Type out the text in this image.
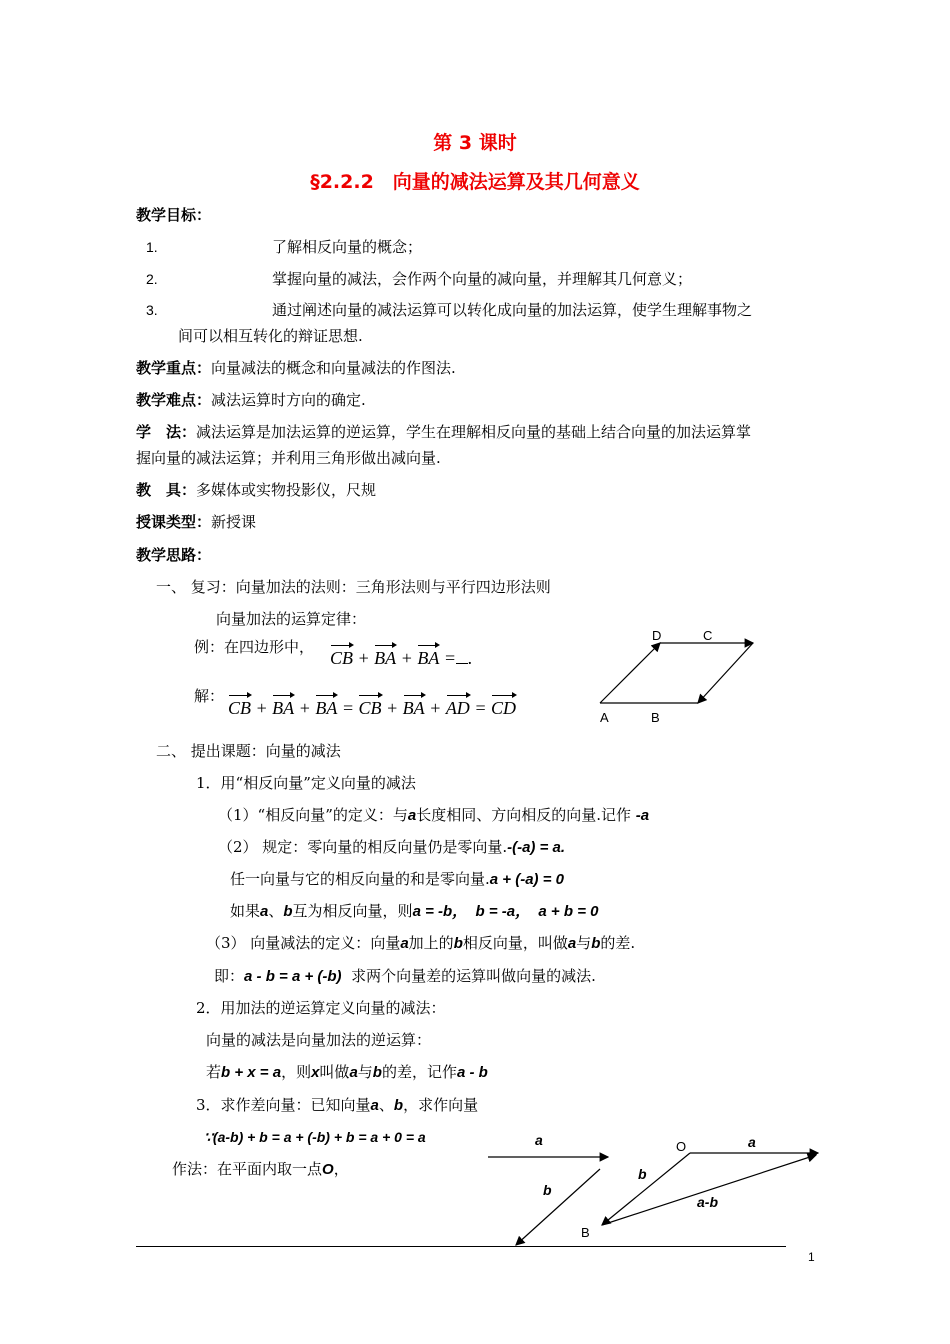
第 3 课时
§2.2.2　向量的减法运算及其几何意义
教学目标：
1.	了解相反向量的概念；
2.	掌握向量的减法，会作两个向量的减向量，并理解其几何意义；
3.	通过阐述向量的减法运算可以转化成向量的加法运算，使学生理解事物之
间可以相互转化的辩证思想.
教学重点：向量减法的概念和向量减法的作图法.
教学难点：减法运算时方向的确定.
学　法：减法运算是加法运算的逆运算，学生在理解相反向量的基础上结合向量的加法运算掌
握向量的减法运算；并利用三角形做出减向量.
教　具：多媒体或实物投影仪，尺规
授课类型：新授课
教学思路：
一、 复习：向量加法的法则：三角形法则与平行四边形法则
向量加法的运算定律：
例：在四边形中，
CB + BA + BA = .
解：
CB + BA + BA = CB + BA + AD = CD
D	C
A	B
二、 提出课题：向量的减法
1．用“相反向量”定义向量的减法
（1）“相反向量”的定义：与a长度相同、方向相反的向量.记作 -a
（2） 规定：零向量的相反向量仍是零向量.-(-a) = a.
任一向量与它的相反向量的和是零向量.a + (-a) = 0
如果a、b互为相反向量，则a = -b，  b = -a，  a + b = 0
（3） 向量减法的定义：向量a加上的b相反向量，叫做a与b的差.
即：a - b = a + (-b) 求两个向量差的运算叫做向量的减法.
2．用加法的逆运算定义向量的减法：
向量的减法是向量加法的逆运算：
若b + x = a，则x叫做a与b的差，记作a - b
3．求作差向量：已知向量a、b，求作向量
∵(a-b) + b = a + (-b) + b = a + 0 = a
作法：在平面内取一点O，
a
b
O	a
b
a-b
B
1
